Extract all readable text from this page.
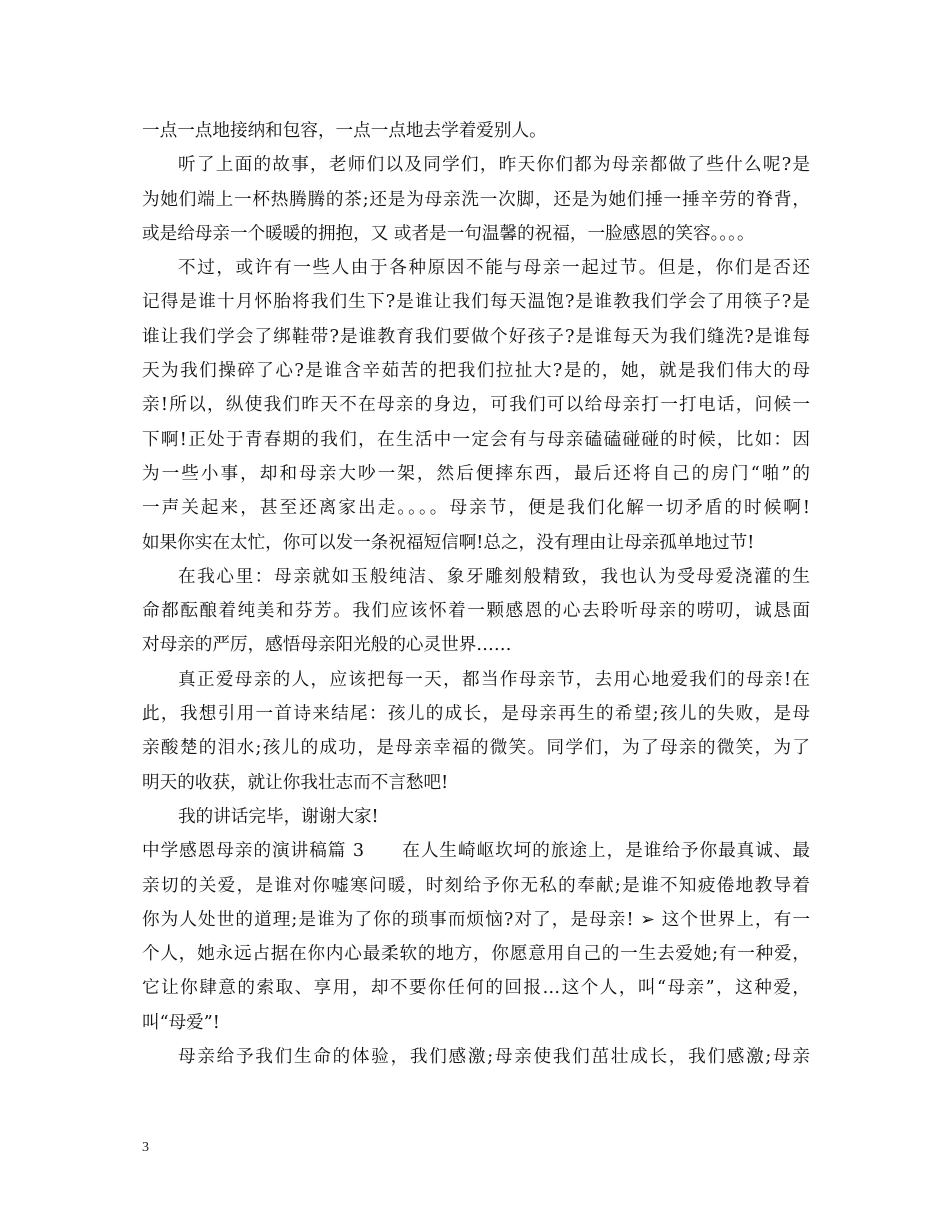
一点一点地接纳和包容，一点一点地去学着爱别人。
听了上面的故事，老师们以及同学们，昨天你们都为母亲都做了些什么呢?是
为她们端上一杯热腾腾的茶;还是为母亲洗一次脚，还是为她们捶一捶辛劳的脊背，
或是给母亲一个暖暖的拥抱，又 或者是一句温馨的祝福，一脸感恩的笑容。。。。
不过，或许有一些人由于各种原因不能与母亲一起过节。但是，你们是否还
记得是谁十月怀胎将我们生下?是谁让我们每天温饱?是谁教我们学会了用筷子?是
谁让我们学会了绑鞋带?是谁教育我们要做个好孩子?是谁每天为我们缝洗?是谁每
天为我们操碎了心?是谁含辛茹苦的把我们拉扯大?是的，她，就是我们伟大的母
亲!所以，纵使我们昨天不在母亲的身边，可我们可以给母亲打一打电话，问候一
下啊!正处于青春期的我们，在生活中一定会有与母亲磕磕碰碰的时候，比如：因
为一些小事，却和母亲大吵一架，然后便摔东西，最后还将自己的房门“啪”的
一声关起来，甚至还离家出走。。。。母亲节，便是我们化解一切矛盾的时候啊!
如果你实在太忙，你可以发一条祝福短信啊!总之，没有理由让母亲孤单地过节!
在我心里：母亲就如玉般纯洁、象牙雕刻般精致，我也认为受母爱浇灌的生
命都酝酿着纯美和芬芳。我们应该怀着一颗感恩的心去聆听母亲的唠叨，诚恳面
对母亲的严厉，感悟母亲阳光般的心灵世界……
真正爱母亲的人，应该把每一天，都当作母亲节，去用心地爱我们的母亲!在
此，我想引用一首诗来结尾：孩儿的成长，是母亲再生的希望;孩儿的失败，是母
亲酸楚的泪水;孩儿的成功，是母亲幸福的微笑。同学们，为了母亲的微笑，为了
明天的收获，就让你我壮志而不言愁吧!
我的讲话完毕，谢谢大家!
中学感恩母亲的演讲稿篇 3　　在人生崎岖坎坷的旅途上，是谁给予你最真诚、最
亲切的关爱，是谁对你嘘寒问暖，时刻给予你无私的奉献;是谁不知疲倦地教导着
你为人处世的道理;是谁为了你的琐事而烦恼?对了，是母亲! ➢ 这个世界上，有一
个人，她永远占据在你内心最柔软的地方，你愿意用自己的一生去爱她;有一种爱，
它让你肆意的索取、享用，却不要你任何的回报…这个人，叫“母亲”，这种爱，
叫“母爱”!
母亲给予我们生命的体验，我们感激;母亲使我们茁壮成长，我们感激;母亲
3
